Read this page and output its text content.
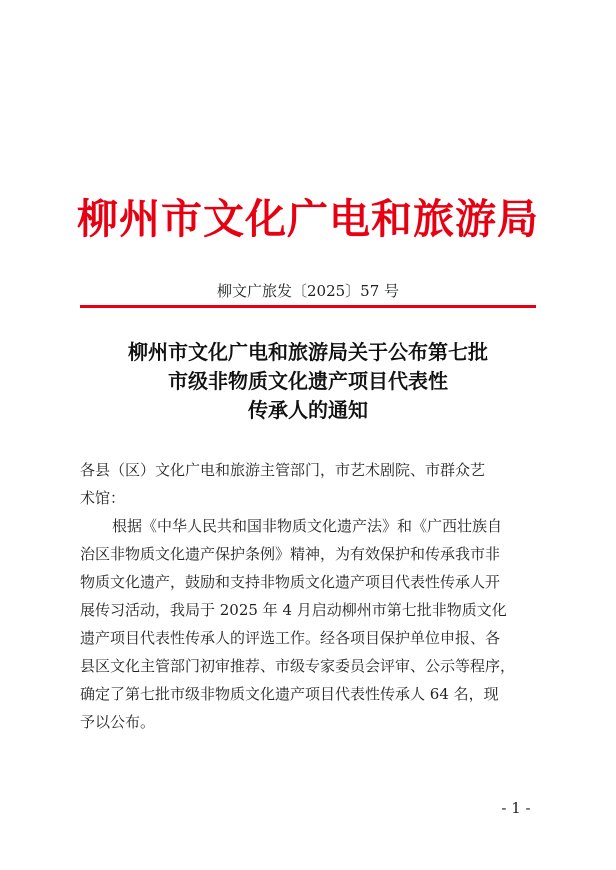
柳州市文化广电和旅游局
柳文广旅发〔2025〕57 号
柳州市文化广电和旅游局关于公布第七批
市级非物质文化遗产项目代表性
传承人的通知
各县（区）文化广电和旅游主管部门，市艺术剧院、市群众艺
术馆：
根据《中华人民共和国非物质文化遗产法》和《广西壮族自
治区非物质文化遗产保护条例》精神，为有效保护和传承我市非
物质文化遗产，鼓励和支持非物质文化遗产项目代表性传承人开
展传习活动，我局于 2025 年 4 月启动柳州市第七批非物质文化
遗产项目代表性传承人的评选工作。经各项目保护单位申报、各
县区文化主管部门初审推荐、市级专家委员会评审、公示等程序，
确定了第七批市级非物质文化遗产项目代表性传承人 64 名，现
予以公布。
- 1 -
